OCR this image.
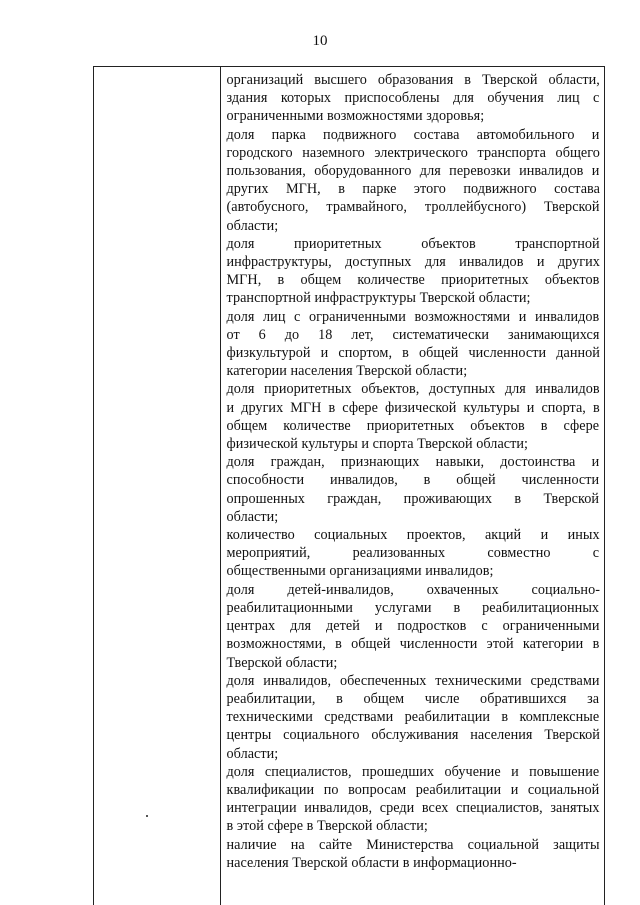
10
организаций высшего образования в Тверской области,
здания которых приспособлены для обучения лиц с
ограниченными возможностями здоровья;
доля парка подвижного состава автомобильного и
городского наземного электрического транспорта общего
пользования, оборудованного для перевозки инвалидов и
других МГН, в парке этого подвижного состава
(автобусного, трамвайного, троллейбусного) Тверской
области;
доля приоритетных объектов транспортной
инфраструктуры, доступных для инвалидов и других
МГН, в общем количестве приоритетных объектов
транспортной инфраструктуры Тверской области;
доля лиц с ограниченными возможностями и инвалидов
от 6 до 18 лет, систематически занимающихся
физкультурой и спортом, в общей численности данной
категории населения Тверской области;
доля приоритетных объектов, доступных для инвалидов
и других МГН в сфере физической культуры и спорта, в
общем количестве приоритетных объектов в сфере
физической культуры и спорта Тверской области;
доля граждан, признающих навыки, достоинства и
способности инвалидов, в общей численности
опрошенных граждан, проживающих в Тверской
области;
количество социальных проектов, акций и иных
мероприятий, реализованных совместно с
общественными организациями инвалидов;
доля детей-инвалидов, охваченных социально-
реабилитационными услугами в реабилитационных
центрах для детей и подростков с ограниченными
возможностями, в общей численности этой категории в
Тверской области;
доля инвалидов, обеспеченных техническими средствами
реабилитации, в общем числе обратившихся за
техническими средствами реабилитации в комплексные
центры социального обслуживания населения Тверской
области;
доля специалистов, прошедших обучение и повышение
квалификации по вопросам реабилитации и социальной
интеграции инвалидов, среди всех специалистов, занятых
в этой сфере в Тверской области;
наличие на сайте Министерства социальной защиты
населения Тверской области в информационно-
